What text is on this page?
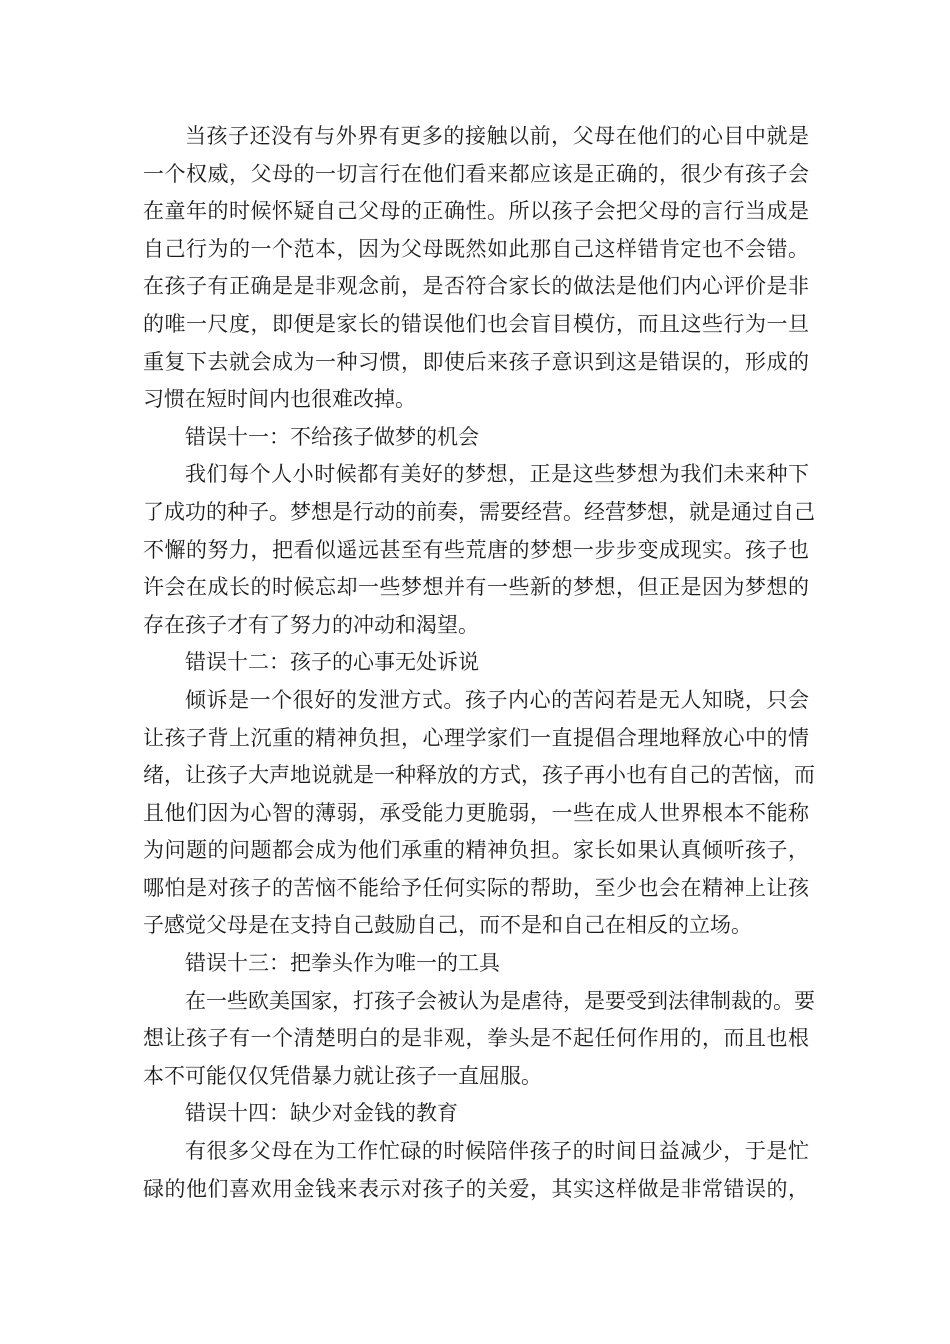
当孩子还没有与外界有更多的接触以前，父母在他们的心目中就是
一个权威，父母的一切言行在他们看来都应该是正确的，很少有孩子会
在童年的时候怀疑自己父母的正确性。所以孩子会把父母的言行当成是
自己行为的一个范本，因为父母既然如此那自己这样错肯定也不会错。
在孩子有正确是是非观念前，是否符合家长的做法是他们内心评价是非
的唯一尺度，即便是家长的错误他们也会盲目模仿，而且这些行为一旦
重复下去就会成为一种习惯，即使后来孩子意识到这是错误的，形成的
习惯在短时间内也很难改掉。
错误十一：不给孩子做梦的机会
我们每个人小时候都有美好的梦想，正是这些梦想为我们未来种下
了成功的种子。梦想是行动的前奏，需要经营。经营梦想，就是通过自己
不懈的努力，把看似遥远甚至有些荒唐的梦想一步步变成现实。孩子也
许会在成长的时候忘却一些梦想并有一些新的梦想，但正是因为梦想的
存在孩子才有了努力的冲动和渴望。
错误十二：孩子的心事无处诉说
倾诉是一个很好的发泄方式。孩子内心的苦闷若是无人知晓，只会
让孩子背上沉重的精神负担，心理学家们一直提倡合理地释放心中的情
绪，让孩子大声地说就是一种释放的方式，孩子再小也有自己的苦恼，而
且他们因为心智的薄弱，承受能力更脆弱，一些在成人世界根本不能称
为问题的问题都会成为他们承重的精神负担。家长如果认真倾听孩子，
哪怕是对孩子的苦恼不能给予任何实际的帮助，至少也会在精神上让孩
子感觉父母是在支持自己鼓励自己，而不是和自己在相反的立场。
错误十三：把拳头作为唯一的工具
在一些欧美国家，打孩子会被认为是虐待，是要受到法律制裁的。要
想让孩子有一个清楚明白的是非观，拳头是不起任何作用的，而且也根
本不可能仅仅凭借暴力就让孩子一直屈服。
错误十四：缺少对金钱的教育
有很多父母在为工作忙碌的时候陪伴孩子的时间日益减少，于是忙
碌的他们喜欢用金钱来表示对孩子的关爱，其实这样做是非常错误的，
